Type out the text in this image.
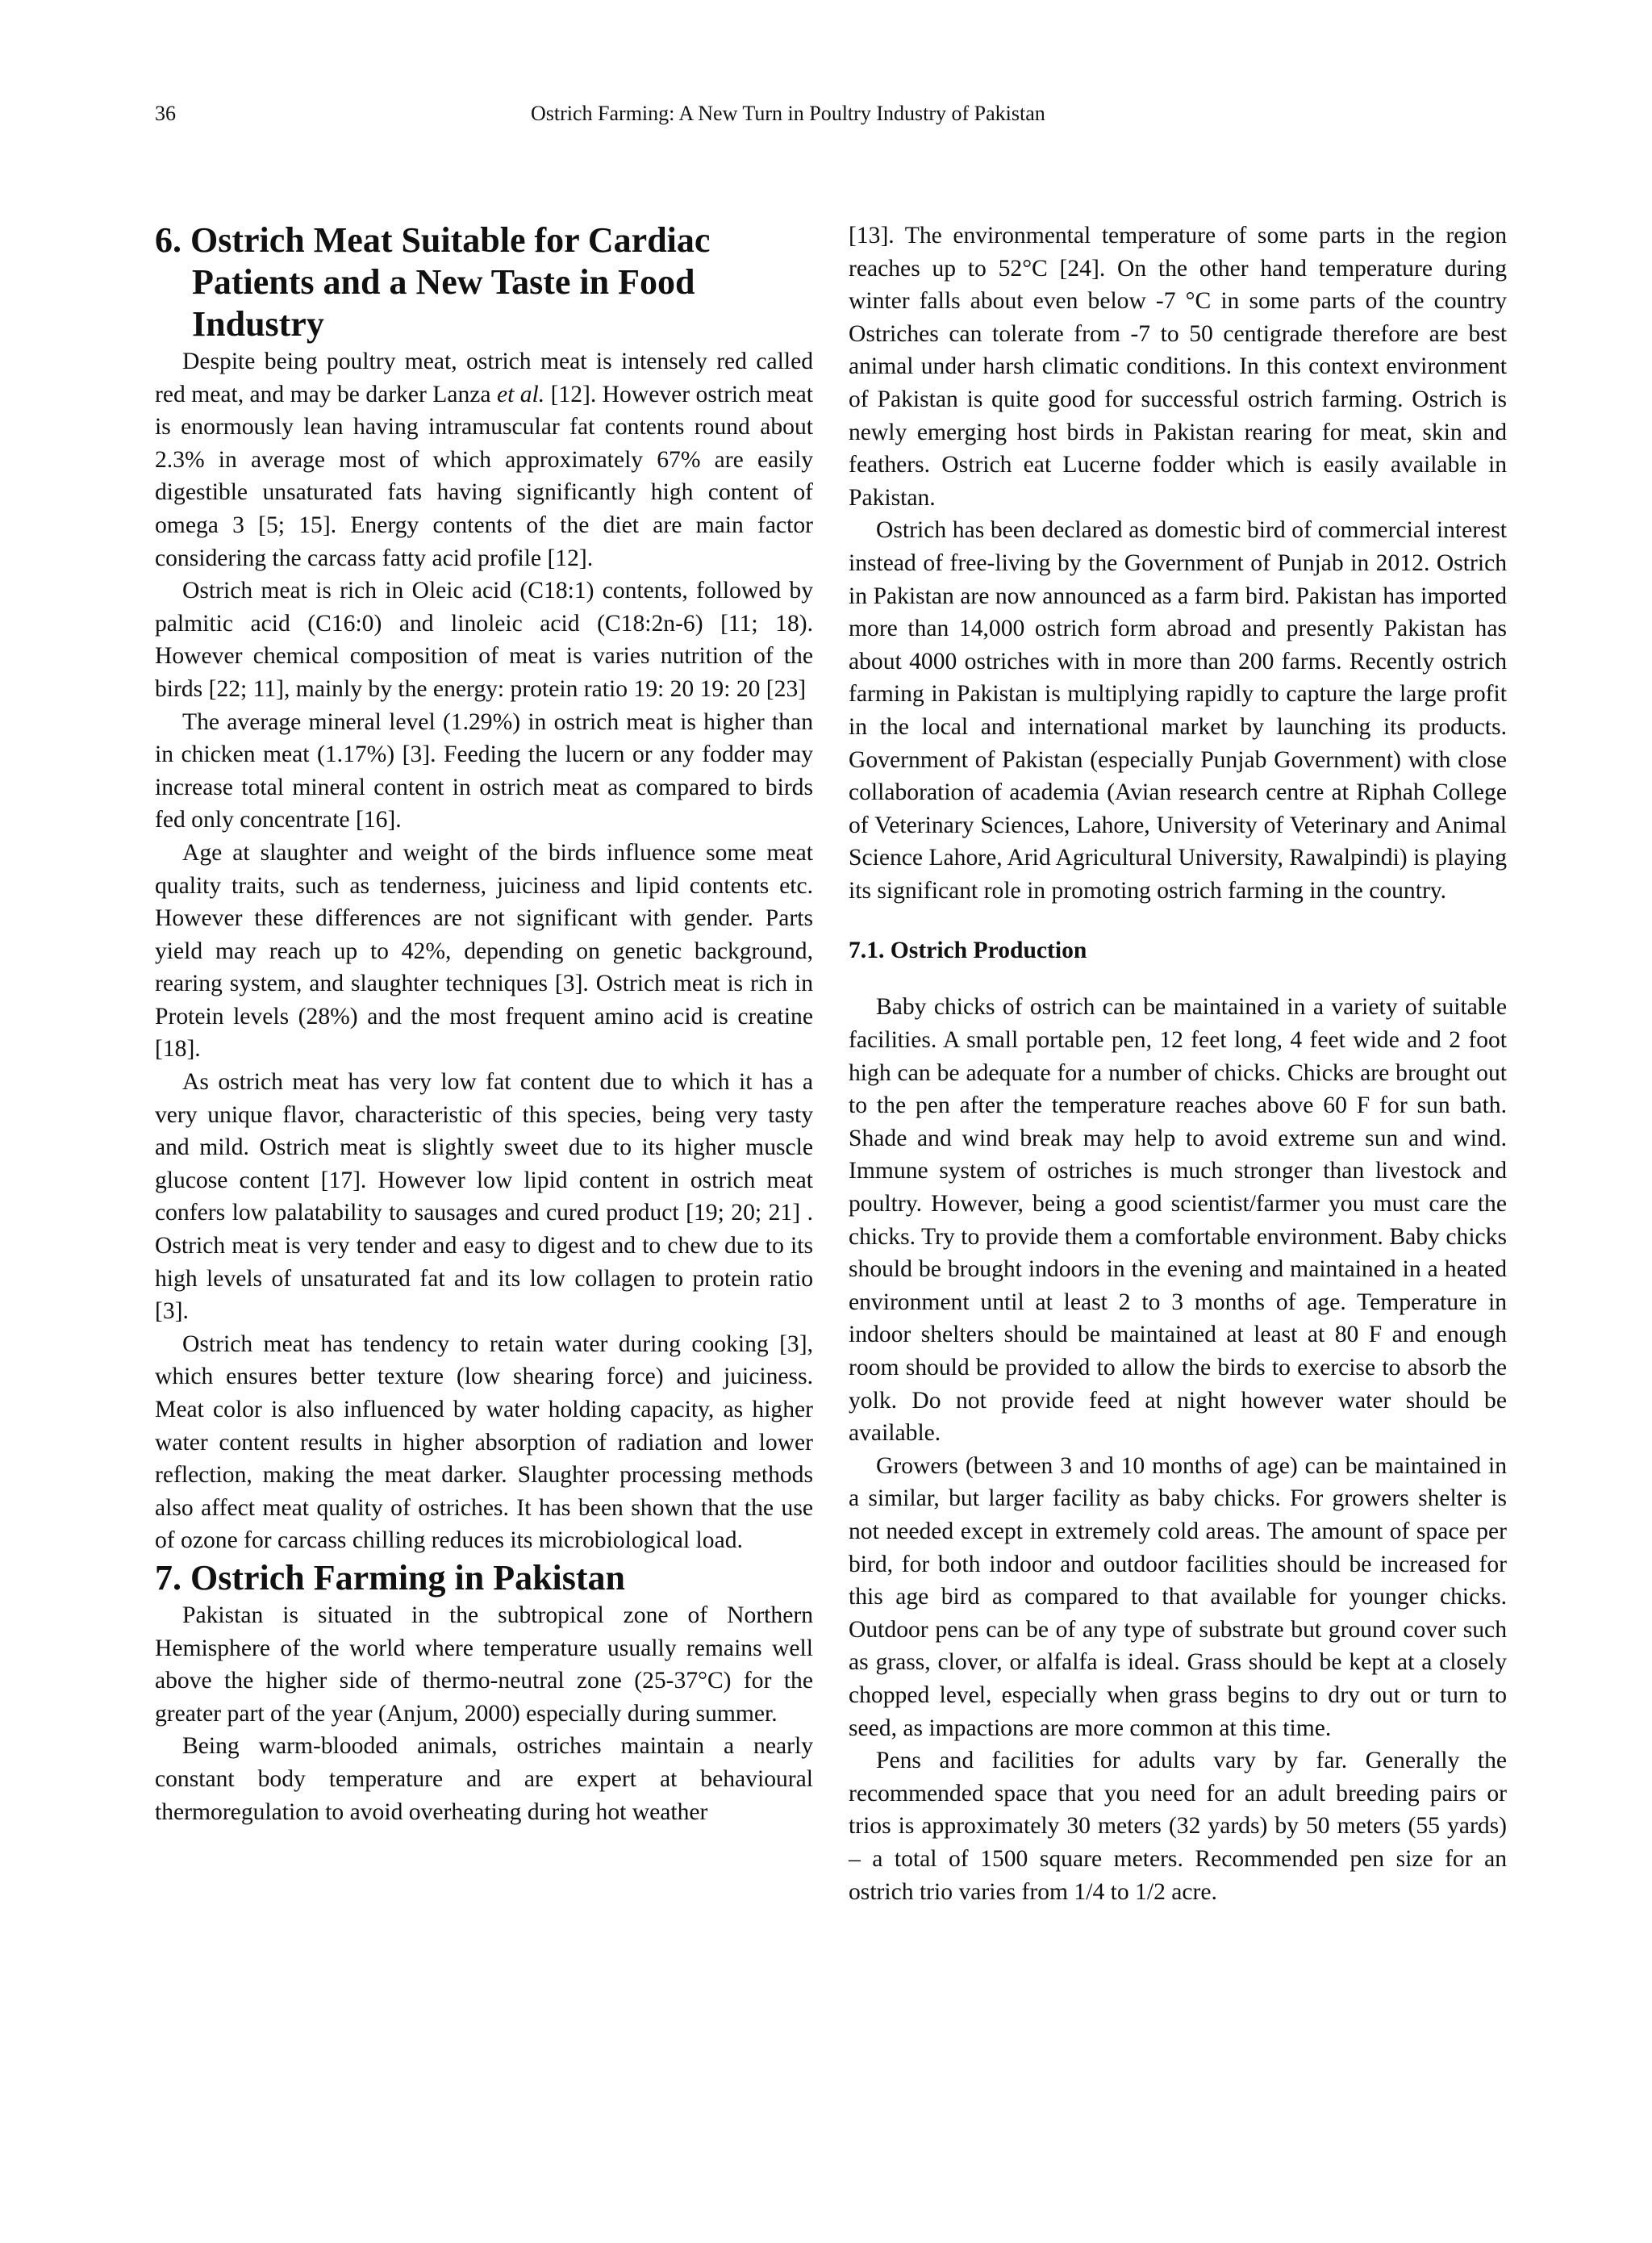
36	Ostrich Farming: A New Turn in Poultry Industry of Pakistan
6. Ostrich Meat Suitable for Cardiac Patients and a New Taste in Food Industry

Despite being poultry meat, ostrich meat is intensely red called red meat, and may be darker Lanza et al. [12]. However ostrich meat is enormously lean having intramuscular fat contents round about 2.3% in average most of which approximately 67% are easily digestible unsaturated fats having significantly high content of omega 3 [5; 15]. Energy contents of the diet are main factor considering the carcass fatty acid profile [12].

Ostrich meat is rich in Oleic acid (C18:1) contents, followed by palmitic acid (C16:0) and linoleic acid (C18:2n-6) [11; 18). However chemical composition of meat is varies nutrition of the birds [22; 11], mainly by the energy: protein ratio 19: 20 19: 20 [23]

The average mineral level (1.29%) in ostrich meat is higher than in chicken meat (1.17%) [3]. Feeding the lucern or any fodder may increase total mineral content in ostrich meat as compared to birds fed only concentrate [16].

Age at slaughter and weight of the birds influence some meat quality traits, such as tenderness, juiciness and lipid contents etc. However these differences are not significant with gender. Parts yield may reach up to 42%, depending on genetic background, rearing system, and slaughter techniques [3]. Ostrich meat is rich in Protein levels (28%) and the most frequent amino acid is creatine [18].

As ostrich meat has very low fat content due to which it has a very unique flavor, characteristic of this species, being very tasty and mild. Ostrich meat is slightly sweet due to its higher muscle glucose content [17]. However low lipid content in ostrich meat confers low palatability to sausages and cured product [19; 20; 21] . Ostrich meat is very tender and easy to digest and to chew due to its high levels of unsaturated fat and its low collagen to protein ratio [3].

Ostrich meat has tendency to retain water during cooking [3], which ensures better texture (low shearing force) and juiciness. Meat color is also influenced by water holding capacity, as higher water content results in higher absorption of radiation and lower reflection, making the meat darker. Slaughter processing methods also affect meat quality of ostriches. It has been shown that the use of ozone for carcass chilling reduces its microbiological load.

7. Ostrich Farming in Pakistan

Pakistan is situated in the subtropical zone of Northern Hemisphere of the world where temperature usually remains well above the higher side of thermo-neutral zone (25-37°C) for the greater part of the year (Anjum, 2000) especially during summer.

Being warm-blooded animals, ostriches maintain a nearly constant body temperature and are expert at behavioural thermoregulation to avoid overheating during hot weather

[13]. The environmental temperature of some parts in the region reaches up to 52°C [24]. On the other hand temperature during winter falls about even below -7 °C in some parts of the country Ostriches can tolerate from -7 to 50 centigrade therefore are best animal under harsh climatic conditions. In this context environment of Pakistan is quite good for successful ostrich farming. Ostrich is newly emerging host birds in Pakistan rearing for meat, skin and feathers. Ostrich eat Lucerne fodder which is easily available in Pakistan.

Ostrich has been declared as domestic bird of commercial interest instead of free-living by the Government of Punjab in 2012. Ostrich in Pakistan are now announced as a farm bird. Pakistan has imported more than 14,000 ostrich form abroad and presently Pakistan has about 4000 ostriches with in more than 200 farms. Recently ostrich farming in Pakistan is multiplying rapidly to capture the large profit in the local and international market by launching its products. Government of Pakistan (especially Punjab Government) with close collaboration of academia (Avian research centre at Riphah College of Veterinary Sciences, Lahore, University of Veterinary and Animal Science Lahore, Arid Agricultural University, Rawalpindi) is playing its significant role in promoting ostrich farming in the country.

7.1. Ostrich Production

Baby chicks of ostrich can be maintained in a variety of suitable facilities. A small portable pen, 12 feet long, 4 feet wide and 2 foot high can be adequate for a number of chicks. Chicks are brought out to the pen after the temperature reaches above 60 F for sun bath. Shade and wind break may help to avoid extreme sun and wind. Immune system of ostriches is much stronger than livestock and poultry. However, being a good scientist/farmer you must care the chicks. Try to provide them a comfortable environment. Baby chicks should be brought indoors in the evening and maintained in a heated environment until at least 2 to 3 months of age. Temperature in indoor shelters should be maintained at least at 80 F and enough room should be provided to allow the birds to exercise to absorb the yolk. Do not provide feed at night however water should be available.

Growers (between 3 and 10 months of age) can be maintained in a similar, but larger facility as baby chicks. For growers shelter is not needed except in extremely cold areas. The amount of space per bird, for both indoor and outdoor facilities should be increased for this age bird as compared to that available for younger chicks. Outdoor pens can be of any type of substrate but ground cover such as grass, clover, or alfalfa is ideal. Grass should be kept at a closely chopped level, especially when grass begins to dry out or turn to seed, as impactions are more common at this time.

Pens and facilities for adults vary by far. Generally the recommended space that you need for an adult breeding pairs or trios is approximately 30 meters (32 yards) by 50 meters (55 yards) – a total of 1500 square meters. Recommended pen size for an ostrich trio varies from 1/4 to 1/2 acre.
